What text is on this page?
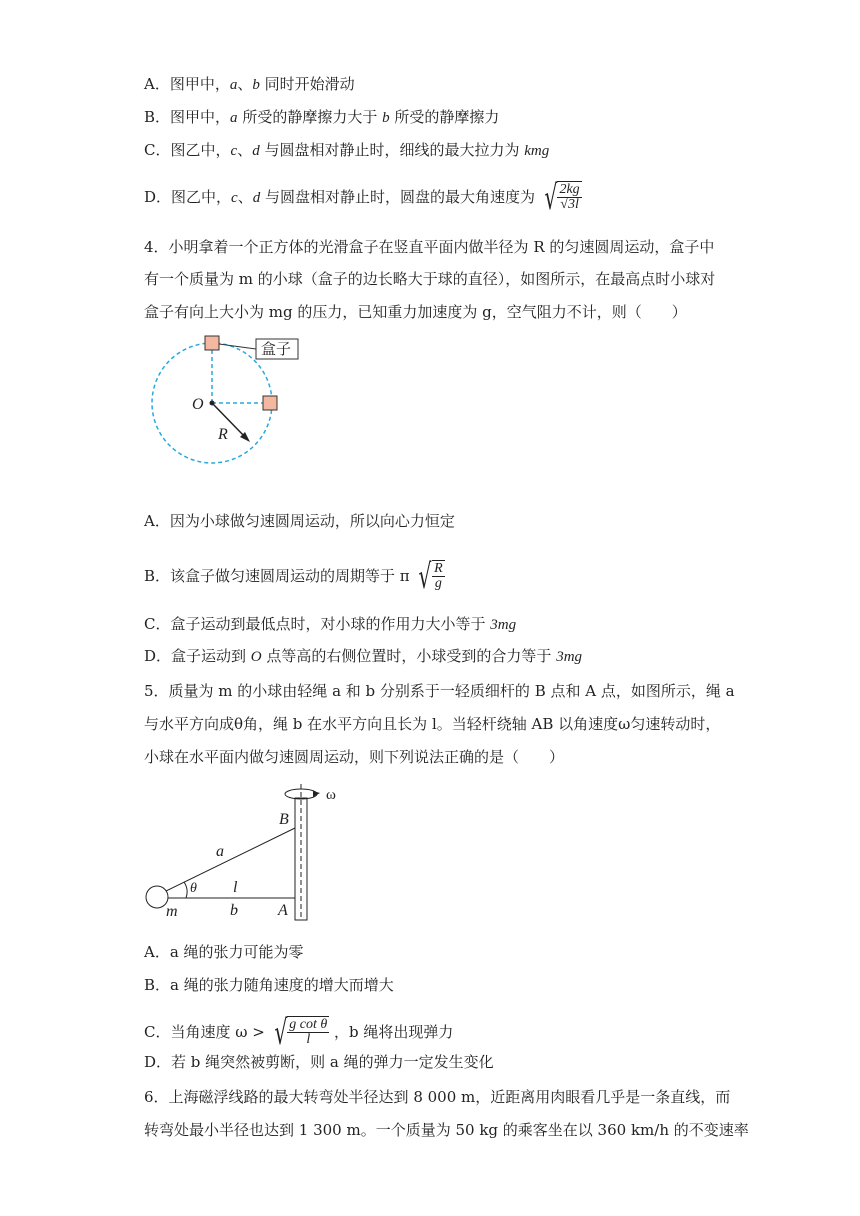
A．图甲中，a、b 同时开始滑动
B．图甲中，a 所受的静摩擦力大于 b 所受的静摩擦力
C．图乙中，c、d 与圆盘相对静止时，细线的最大拉力为 kmg
D．图乙中，c、d 与圆盘相对静止时，圆盘的最大角速度为 √ $\frac{2kg}{√3l}$
4．小明拿着一个正方体的光滑盒子在竖直平面内做半径为 R 的匀速圆周运动，盒子中
有一个质量为 m 的小球（盒子的边长略大于球的直径），如图所示，在最高点时小球对
盒子有向上大小为 mg 的压力，已知重力加速度为 g，空气阻力不计，则（　　）
盒子
O
R
A．因为小球做匀速圆周运动，所以向心力恒定
B．该盒子做匀速圆周运动的周期等于 π √ $\frac{R}{g}$
C．盒子运动到最低点时，对小球的作用力大小等于 3mg
D．盒子运动到 O 点等高的右侧位置时，小球受到的合力等于 3mg
5．质量为 m 的小球由轻绳 a 和 b 分别系于一轻质细杆的 B 点和 A 点，如图所示，绳 a
与水平方向成θ角，绳 b 在水平方向且长为 l。当轻杆绕轴 AB 以角速度ω匀速转动时，
小球在水平面内做匀速圆周运动，则下列说法正确的是（　　）
ω
B
a
θ l
m	b	A
A．a 绳的张力可能为零
B．a 绳的张力随角速度的增大而增大
C．当角速度 ω > √ $\frac{\text{g cot θ}}{l}$ ，b 绳将出现弹力
D．若 b 绳突然被剪断，则 a 绳的弹力一定发生变化
6．上海磁浮线路的最大转弯处半径达到 8 000 m，近距离用肉眼看几乎是一条直线，而
转弯处最小半径也达到 1 300 m。一个质量为 50 kg 的乘客坐在以 360 km/h 的不变速率
